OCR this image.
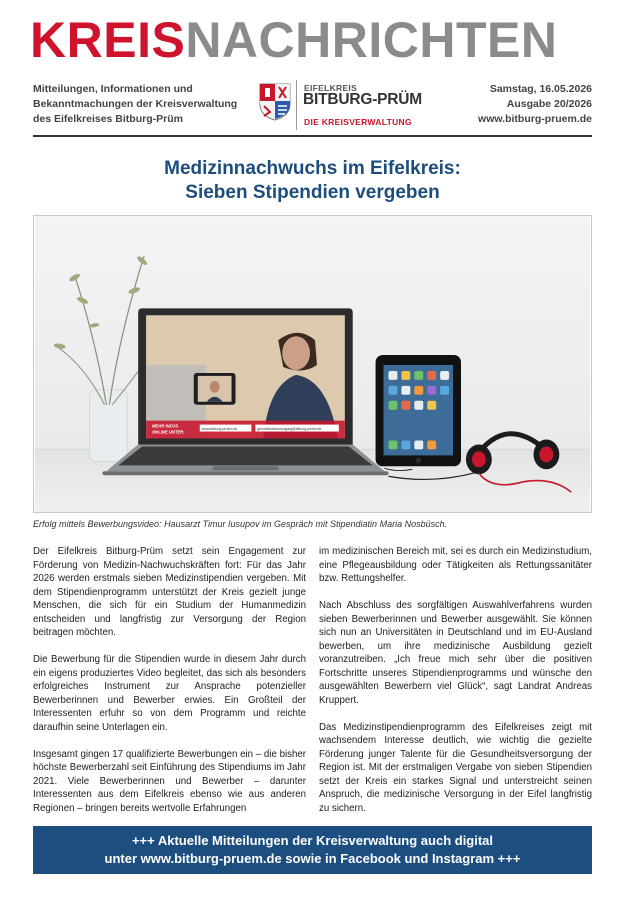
KREISNACHRICHTEN
Mitteilungen, Informationen und
Bekanntmachungen der Kreisverwaltung
des Eifelkreises Bitburg-Prüm
EIFELKREIS
BITBURG-PRÜM
DIE KREISVERWALTUNG
Samstag, 16.05.2026
Ausgabe 20/2026
www.bitburg-pruem.de
Medizinnachwuchs im Eifelkreis:
Sieben Stipendien vergeben
MEHR INFOS
ONLINE UNTER:
www.bitburg-pruem.de	gesundheitsversorgung@bitburg-pruem.de
Erfolg mittels Bewerbungsvideo: Hausarzt Timur Iusupov im Gespräch mit Stipendiatin Maria Nosbüsch.

Der Eifelkreis Bitburg-Prüm setzt sein Engagement zur Förderung von Medizin-Nachwuchskräften fort: Für das Jahr 2026 werden erstmals sieben Medizinstipendien vergeben. Mit dem Stipendienprogramm unterstützt der Kreis gezielt junge Menschen, die sich für ein Studium der Humanmedizin entscheiden und langfristig zur Versorgung der Region beitragen möchten.

Die Bewerbung für die Stipendien wurde in diesem Jahr durch ein eigens produziertes Video begleitet, das sich als besonders erfolgreiches Instrument zur Ansprache potenzieller Bewerberinnen und Bewerber erwies. Ein Großteil der Interessenten erfuhr so von dem Programm und reichte daraufhin seine Unterlagen ein.

Insgesamt gingen 17 qualifizierte Bewerbungen ein – die bisher höchste Bewerberzahl seit Einführung des Stipendiums im Jahr 2021. Viele Bewerberinnen und Bewerber – darunter Interessenten aus dem Eifelkreis ebenso wie aus anderen Regionen – bringen bereits wertvolle Erfahrungen

im medizinischen Bereich mit, sei es durch ein Medizinstudium, eine Pflegeausbildung oder Tätigkeiten als Rettungssanitäter bzw. Rettungshelfer.

Nach Abschluss des sorgfältigen Auswahlverfahrens wurden sieben Bewerberinnen und Bewerber ausgewählt. Sie können sich nun an Universitäten in Deutschland und im EU-Ausland bewerben, um ihre medizinische Ausbildung gezielt voranzutreiben. „Ich freue mich sehr über die positiven Fortschritte unseres Stipendienprogramms und wünsche den ausgewählten Bewerbern viel Glück“, sagt Landrat Andreas Kruppert.

Das Medizinstipendienprogramm des Eifelkreises zeigt mit wachsendem Interesse deutlich, wie wichtig die gezielte Förderung junger Talente für die Gesundheitsversorgung der Region ist. Mit der erstmaligen Vergabe von sieben Stipendien setzt der Kreis ein starkes Signal und unterstreicht seinen Anspruch, die medizinische Versorgung in der Eifel langfristig zu sichern.

+++ Aktuelle Mitteilungen der Kreisverwaltung auch digital
unter www.bitburg-pruem.de sowie in Facebook und Instagram +++
